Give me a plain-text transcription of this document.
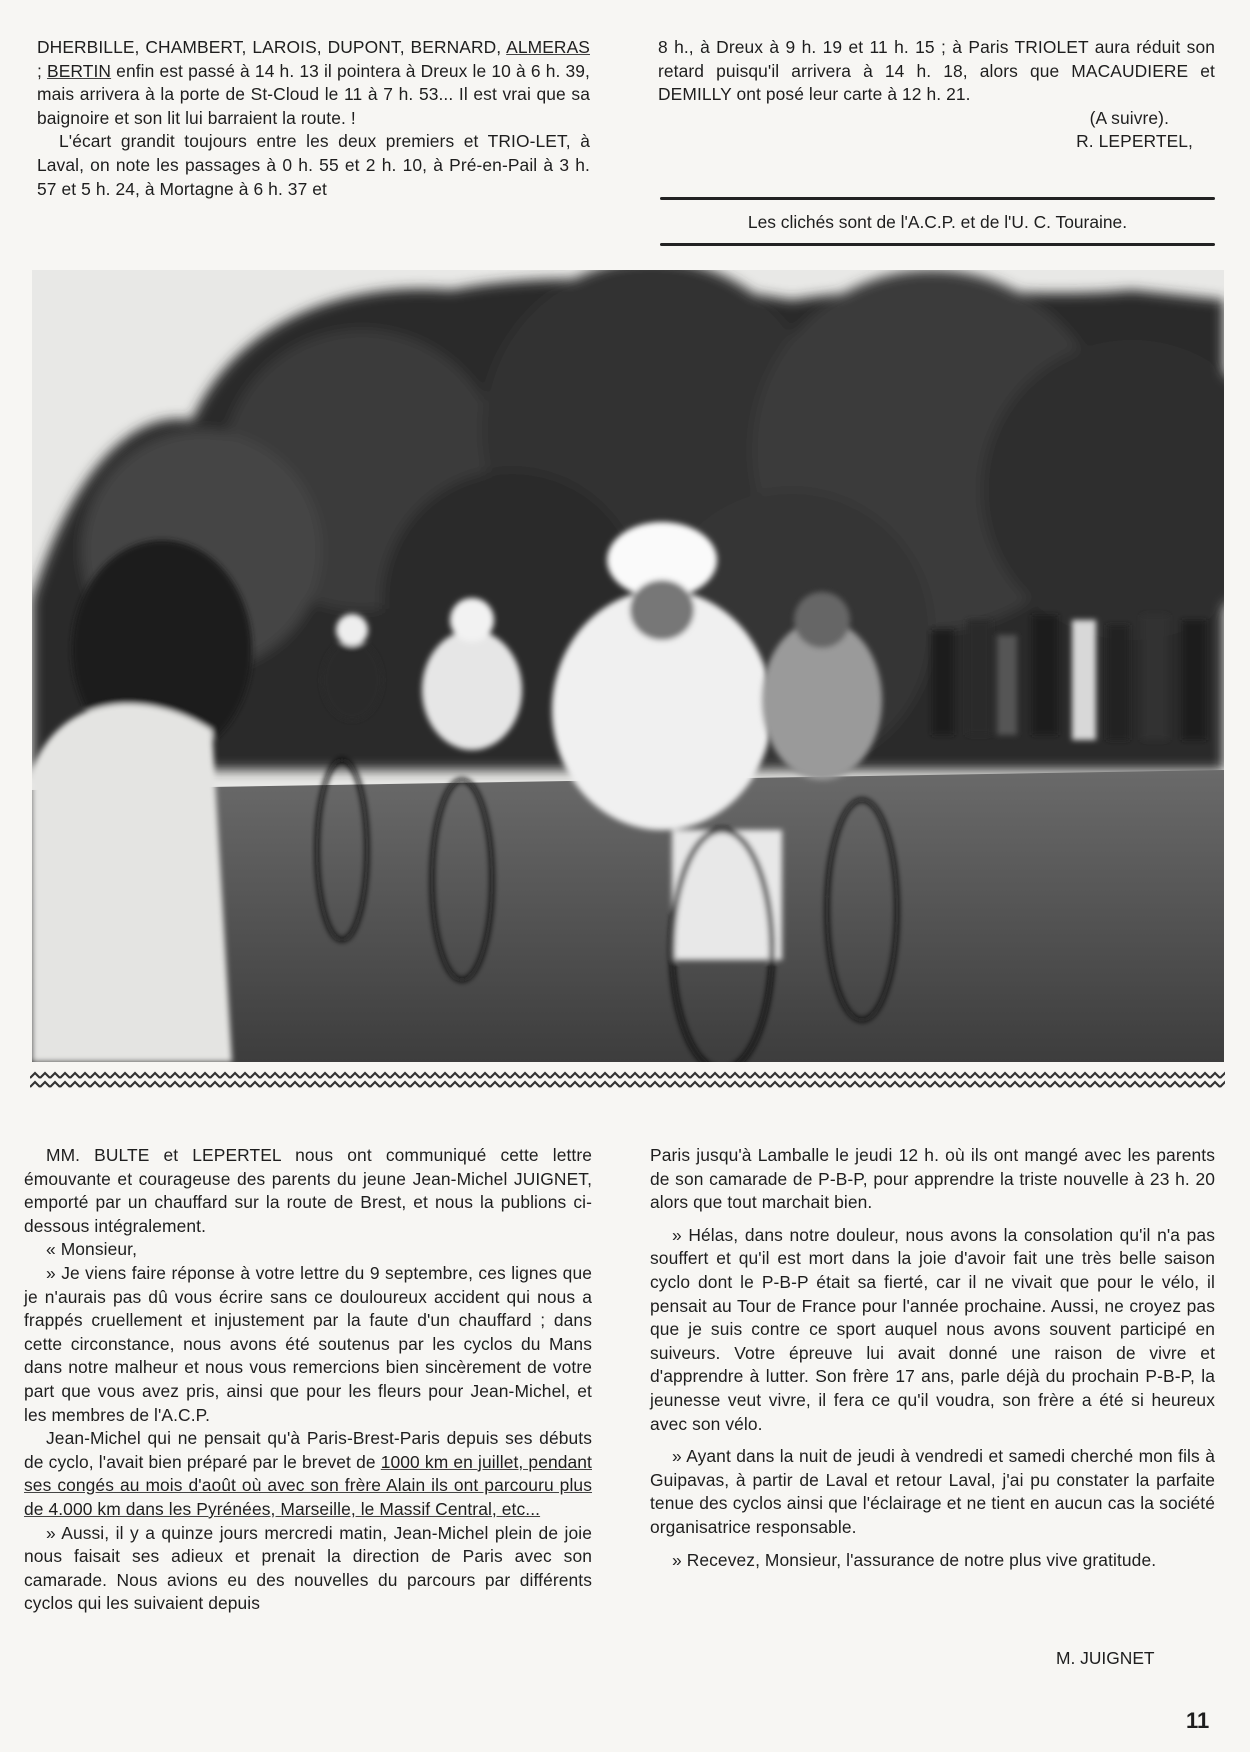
DHERBILLE, CHAMBERT, LAROIS, DUPONT, BERNARD, ALMERAS ; BERTIN enfin est passé à 14 h. 13 il pointera à Dreux le 10 à 6 h. 39, mais arrivera à la porte de St-Cloud le 11 à 7 h. 53... Il est vrai que sa baignoire et son lit lui barraient la route. !

L'écart grandit toujours entre les deux premiers et TRIO-LET, à Laval, on note les passages à 0 h. 55 et 2 h. 10, à Pré-en-Pail à 3 h. 57 et 5 h. 24, à Mortagne à 6 h. 37 et

8 h., à Dreux à 9 h. 19 et 11 h. 15 ; à Paris TRIOLET aura réduit son retard puisqu'il arrivera à 14 h. 18, alors que MACAUDIERE et DEMILLY ont posé leur carte à 12 h. 21.

(A suivre).

R. LEPERTEL,

Les clichés sont de l'A.C.P. et de l'U. C. Touraine.

MM. BULTE et LEPERTEL nous ont communiqué cette lettre émouvante et courageuse des parents du jeune Jean-Michel JUIGNET, emporté par un chauffard sur la route de Brest, et nous la publions ci-dessous intégralement.

« Monsieur,

» Je viens faire réponse à votre lettre du 9 septembre, ces lignes que je n'aurais pas dû vous écrire sans ce douloureux accident qui nous a frappés cruellement et injustement par la faute d'un chauffard ; dans cette circonstance, nous avons été soutenus par les cyclos du Mans dans notre malheur et nous vous remercions bien sincèrement de votre part que vous avez pris, ainsi que pour les fleurs pour Jean-Michel, et les membres de l'A.C.P.

Jean-Michel qui ne pensait qu'à Paris-Brest-Paris depuis ses débuts de cyclo, l'avait bien préparé par le brevet de 1000 km en juillet, pendant ses congés au mois d'août où avec son frère Alain ils ont parcouru plus de 4.000 km dans les Pyrénées, Marseille, le Massif Central, etc...

» Aussi, il y a quinze jours mercredi matin, Jean-Michel plein de joie nous faisait ses adieux et prenait la direction de Paris avec son camarade. Nous avions eu des nouvelles du parcours par différents cyclos qui les suivaient depuis

Paris jusqu'à Lamballe le jeudi 12 h. où ils ont mangé avec les parents de son camarade de P-B-P, pour apprendre la triste nouvelle à 23 h. 20 alors que tout marchait bien.

» Hélas, dans notre douleur, nous avons la consolation qu'il n'a pas souffert et qu'il est mort dans la joie d'avoir fait une très belle saison cyclo dont le P-B-P était sa fierté, car il ne vivait que pour le vélo, il pensait au Tour de France pour l'année prochaine. Aussi, ne croyez pas que je suis contre ce sport auquel nous avons souvent participé en suiveurs. Votre épreuve lui avait donné une raison de vivre et d'apprendre à lutter. Son frère 17 ans, parle déjà du prochain P-B-P, la jeunesse veut vivre, il fera ce qu'il voudra, son frère a été si heureux avec son vélo.

» Ayant dans la nuit de jeudi à vendredi et samedi cherché mon fils à Guipavas, à partir de Laval et retour Laval, j'ai pu constater la parfaite tenue des cyclos ainsi que l'éclairage et ne tient en aucun cas la société organisatrice responsable.

» Recevez, Monsieur, l'assurance de notre plus vive gratitude.

M. JUIGNET
11
